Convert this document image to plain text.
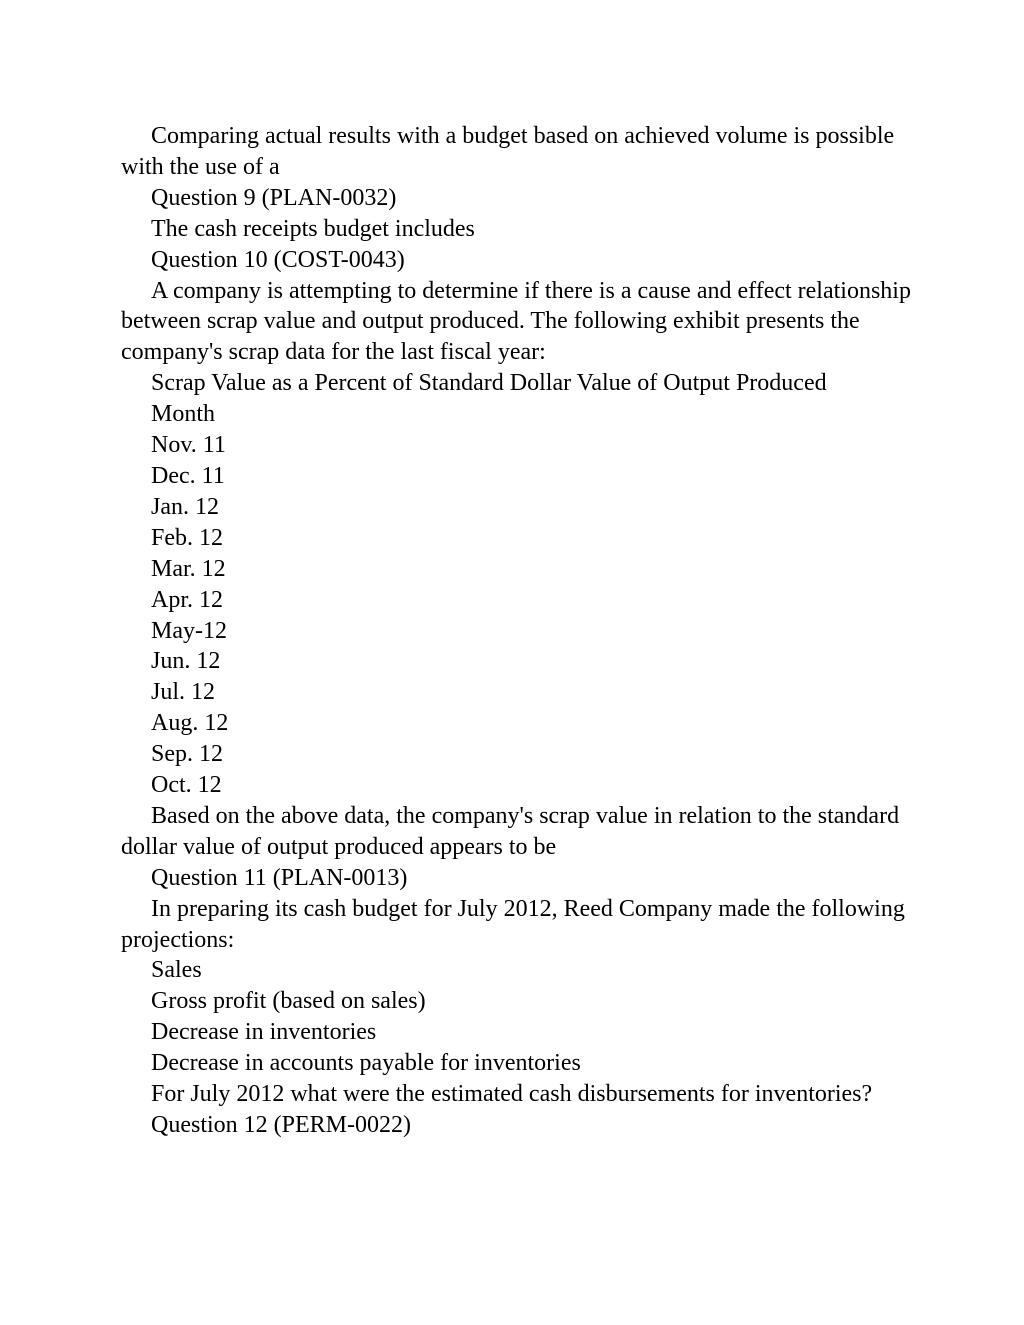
Comparing actual results with a budget based on achieved volume is possible with the use of a

Question 9 (PLAN-0032)

The cash receipts budget includes

Question 10 (COST-0043)

A company is attempting to determine if there is a cause and effect relationship between scrap value and output produced. The following exhibit presents the company's scrap data for the last fiscal year:

Scrap Value as a Percent of Standard Dollar Value of Output Produced

Month

Nov. 11

Dec. 11

Jan. 12

Feb. 12

Mar. 12

Apr. 12

May-12

Jun. 12

Jul. 12

Aug. 12

Sep. 12

Oct. 12

Based on the above data, the company's scrap value in relation to the standard dollar value of output produced appears to be

Question 11 (PLAN-0013)

In preparing its cash budget for July 2012, Reed Company made the following projections:

Sales

Gross profit (based on sales)

Decrease in inventories

Decrease in accounts payable for inventories

For July 2012 what were the estimated cash disbursements for inventories?

Question 12 (PERM-0022)
